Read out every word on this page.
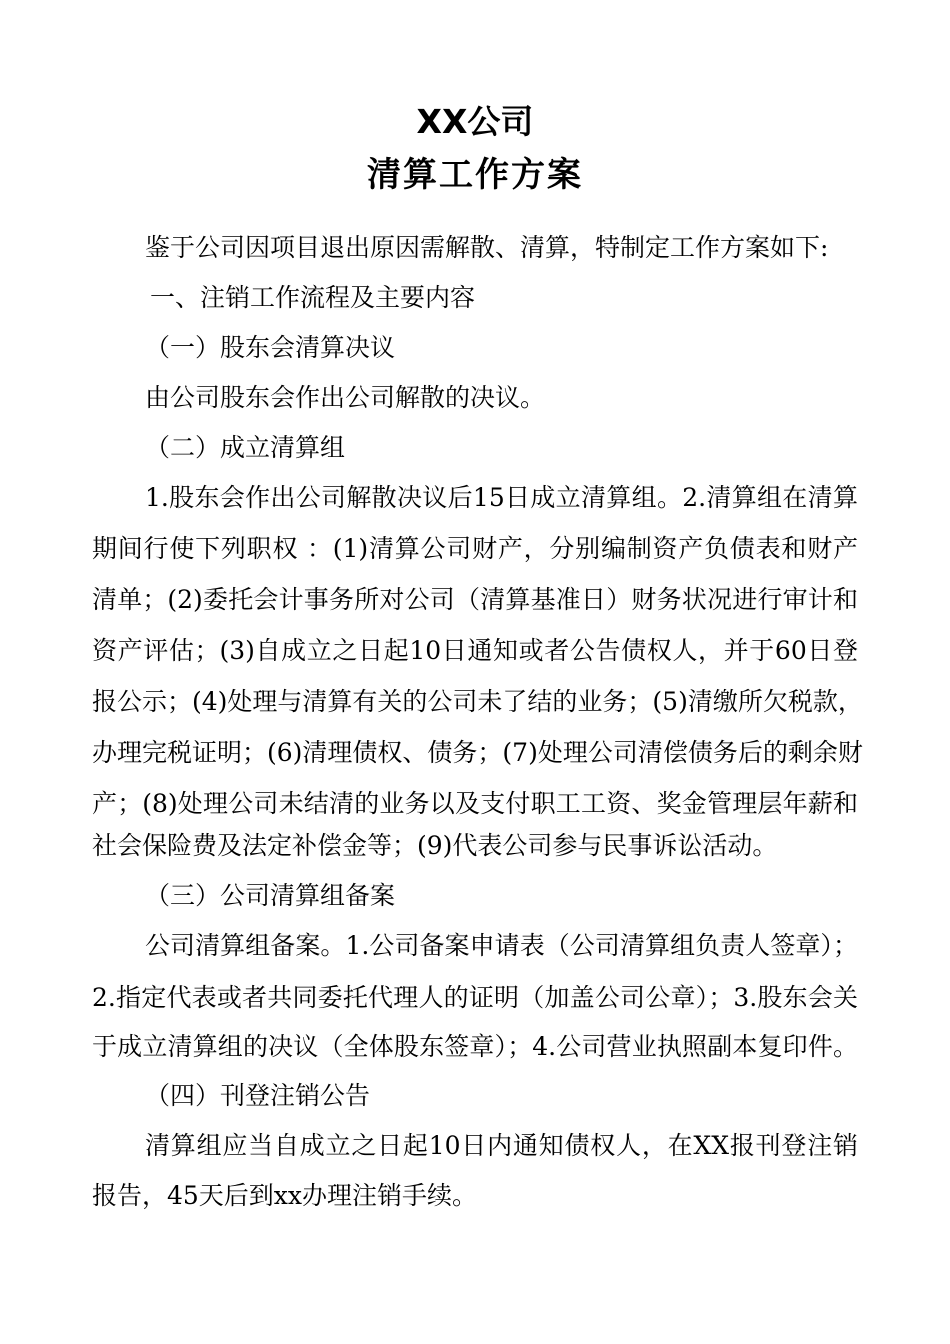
XX公司
清算工作方案
鉴于公司因项目退出原因需解散、清算，特制定工作方案如下:
一、注销工作流程及主要内容
（一）股东会清算决议
由公司股东会作出公司解散的决议。
（二）成立清算组
1.股东会作出公司解散决议后15日成立清算组。2.清算组在清算
期间行使下列职权 ：(1)清算公司财产，分别编制资产负债表和财产
清单；(2)委托会计事务所对公司（清算基准日）财务状况进行审计和
资产评估；(3)自成立之日起10日通知或者公告债权人，并于60日登
报公示；(4)处理与清算有关的公司未了结的业务；(5)清缴所欠税款，
办理完税证明；(6)清理债权、债务；(7)处理公司清偿债务后的剩余财
产；(8)处理公司未结清的业务以及支付职工工资、奖金管理层年薪和
社会保险费及法定补偿金等；(9)代表公司参与民事诉讼活动。
（三）公司清算组备案
公司清算组备案。1.公司备案申请表（公司清算组负责人签章）；
2.指定代表或者共同委托代理人的证明（加盖公司公章）；3.股东会关
于成立清算组的决议（全体股东签章）；4.公司营业执照副本复印件。
（四）刊登注销公告
清算组应当自成立之日起10日内通知债权人，在XX报刊登注销
报告，45天后到xx办理注销手续。
